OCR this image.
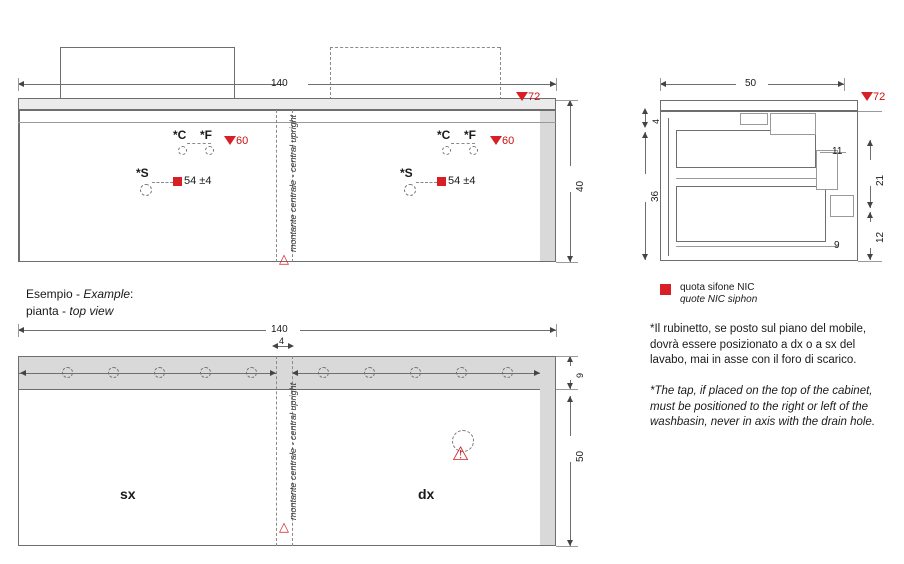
140
72
40
montante centrale - central upright
△
*C *F 60
*S
54 ±4
*C *F 60
*S
54 ±4
50
72
4
36
11
21
12
9
quota sifone NIC
quote NIC siphon
*Il rubinetto, se posto sul piano del mobile, dovrà essere posizionato a dx o a sx del lavabo, mai in asse con il foro di scarico.
*The tap, if placed on the top of the cabinet, must be positioned to the right or left of the washbasin, never in axis with the drain hole.
Esempio - Example:
pianta - top view
140
4
montante centrale - central upright
△
⚠
sx	dx
9
50
